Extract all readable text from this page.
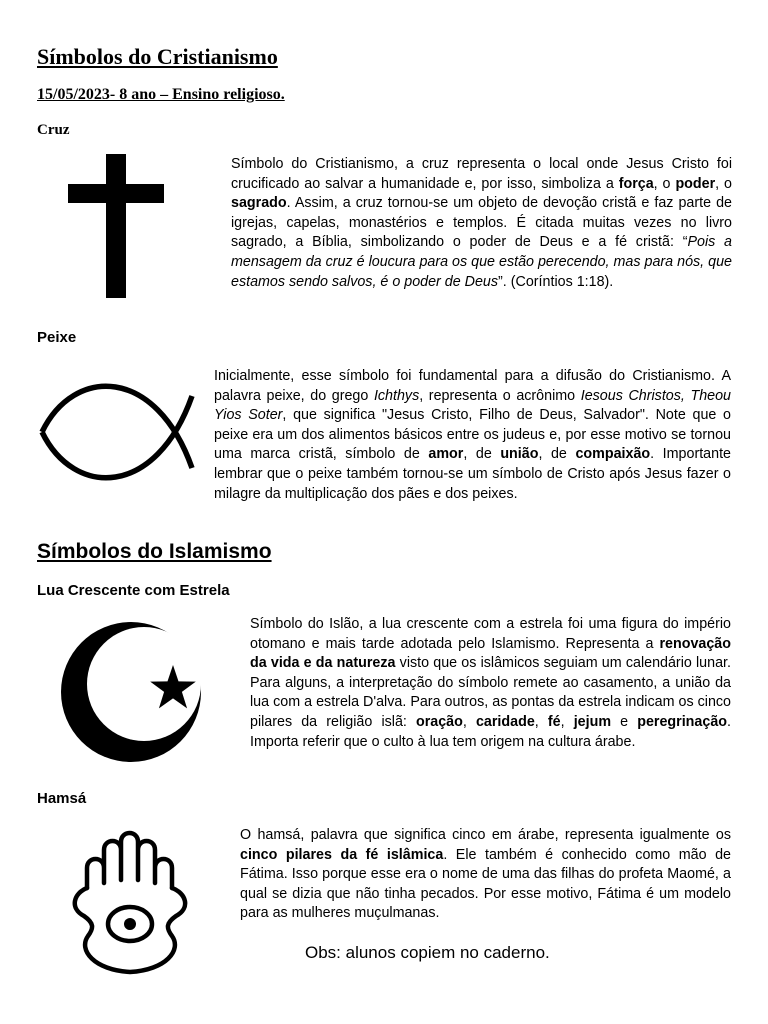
Símbolos do Cristianismo
15/05/2023- 8 ano – Ensino religioso.
Cruz
Símbolo do Cristianismo, a cruz representa o local onde Jesus Cristo foi crucificado ao salvar a humanidade e, por isso, simboliza a força, o poder, o sagrado. Assim, a cruz tornou-se um objeto de devoção cristã e faz parte de igrejas, capelas, monastérios e templos. É citada muitas vezes no livro sagrado, a Bíblia, simbolizando o poder de Deus e a fé cristã: “Pois a mensagem da cruz é loucura para os que estão perecendo, mas para nós, que estamos sendo salvos, é o poder de Deus”. (Coríntios 1:18).
Peixe
Inicialmente, esse símbolo foi fundamental para a difusão do Cristianismo. A palavra peixe, do grego Ichthys, representa o acrônimo Iesous Christos, Theou Yios Soter, que significa "Jesus Cristo, Filho de Deus, Salvador". Note que o peixe era um dos alimentos básicos entre os judeus e, por esse motivo se tornou uma marca cristã, símbolo de amor, de união, de compaixão. Importante lembrar que o peixe também tornou-se um símbolo de Cristo após Jesus fazer o milagre da multiplicação dos pães e dos peixes.
Símbolos do Islamismo
Lua Crescente com Estrela
Símbolo do Islão, a lua crescente com a estrela foi uma figura do império otomano e mais tarde adotada pelo Islamismo. Representa a renovação da vida e da natureza visto que os islâmicos seguiam um calendário lunar. Para alguns, a interpretação do símbolo remete ao casamento, a união da lua com a estrela D'alva. Para outros, as pontas da estrela indicam os cinco pilares da religião islã: oração, caridade, fé, jejum e peregrinação. Importa referir que o culto à lua tem origem na cultura árabe.
Hamsá
O hamsá, palavra que significa cinco em árabe, representa igualmente os cinco pilares da fé islâmica. Ele também é conhecido como mão de Fátima. Isso porque esse era o nome de uma das filhas do profeta Maomé, a qual se dizia que não tinha pecados. Por esse motivo, Fátima é um modelo para as mulheres muçulmanas.
Obs: alunos copiem no caderno.
